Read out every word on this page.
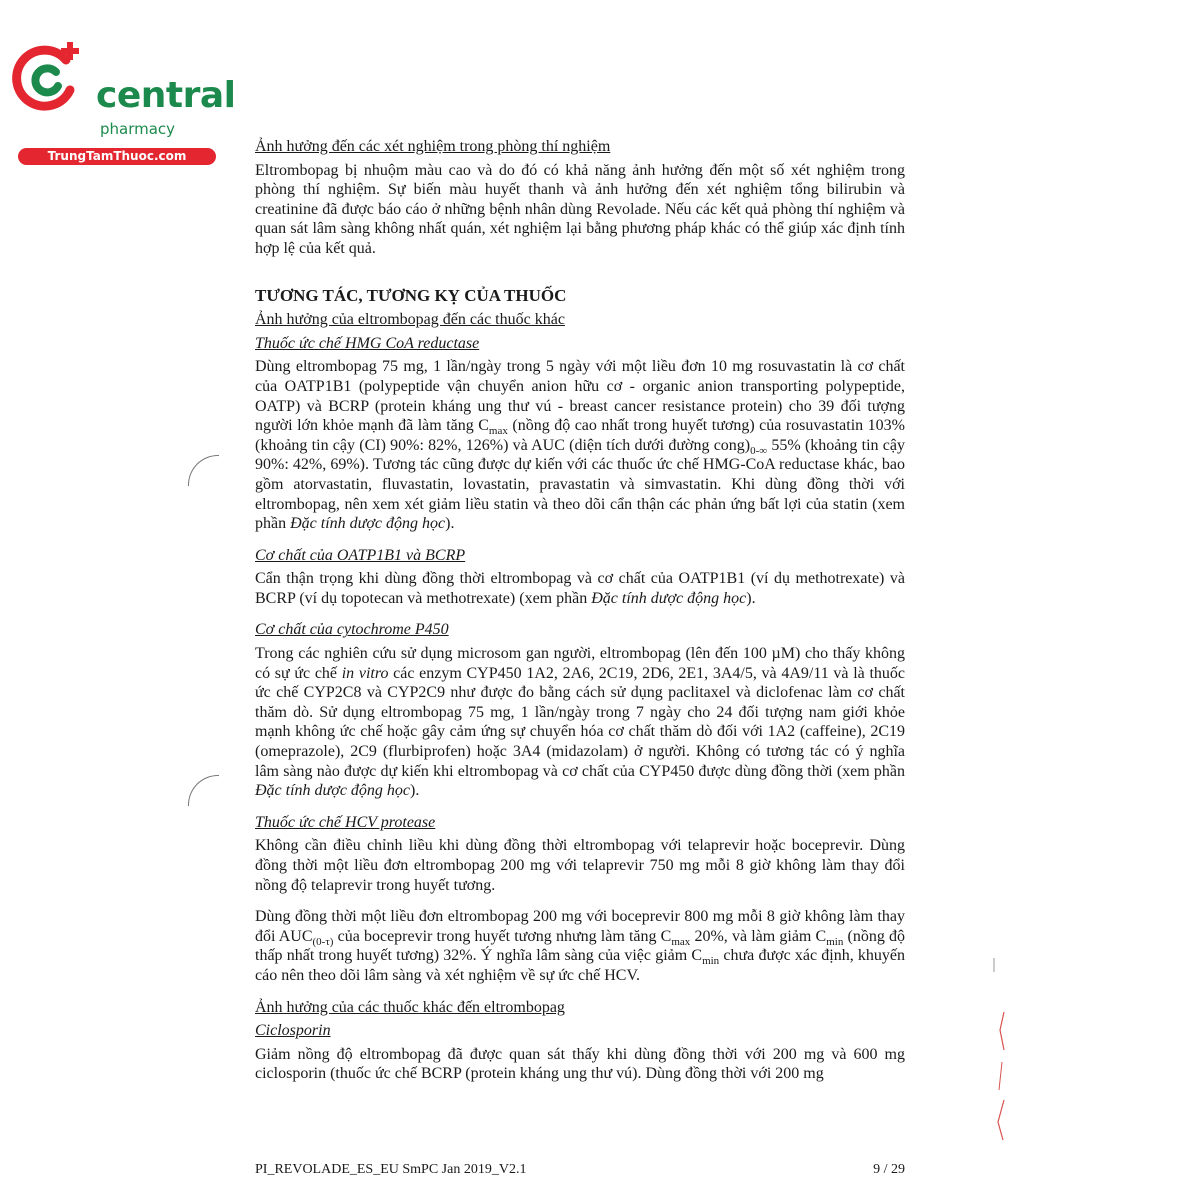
central
pharmacy
TrungTamThuoc.com
Ảnh hưởng đến các xét nghiệm trong phòng thí nghiệm

Eltrombopag bị nhuộm màu cao và do đó có khả năng ảnh hưởng đến một số xét nghiệm trong phòng thí nghiệm. Sự biến màu huyết thanh và ảnh hưởng đến xét nghiệm tổng bilirubin và creatinine đã được báo cáo ở những bệnh nhân dùng Revolade. Nếu các kết quả phòng thí nghiệm và quan sát lâm sàng không nhất quán, xét nghiệm lại bằng phương pháp khác có thể giúp xác định tính hợp lệ của kết quả.

TƯƠNG TÁC, TƯƠNG KỴ CỦA THUỐC
Ảnh hưởng của eltrombopag đến các thuốc khác
Thuốc ức chế HMG CoA reductase

Dùng eltrombopag 75 mg, 1 lần/ngày trong 5 ngày với một liều đơn 10 mg rosuvastatin là cơ chất của OATP1B1 (polypeptide vận chuyển anion hữu cơ - organic anion transporting polypeptide, OATP) và BCRP (protein kháng ung thư vú - breast cancer resistance protein) cho 39 đối tượng người lớn khỏe mạnh đã làm tăng $C_{max}$ (nồng độ cao nhất trong huyết tương) của rosuvastatin 103% (khoảng tin cậy (CI) 90%: 82%, 126%) và AUC (diện tích dưới đường $cong)_{0-\infty}$ 55% (khoảng tin cậy 90%: 42%, 69%). Tương tác cũng được dự kiến với các thuốc ức chế HMG-CoA reductase khác, bao gồm atorvastatin, fluvastatin, lovastatin, pravastatin và simvastatin. Khi dùng đồng thời với eltrombopag, nên xem xét giảm liều statin và theo dõi cẩn thận các phản ứng bất lợi của statin (xem phần Đặc tính dược động học).

Cơ chất của OATP1B1 và BCRP

Cẩn thận trọng khi dùng đồng thời eltrombopag và cơ chất của OATP1B1 (ví dụ methotrexate) và BCRP (ví dụ topotecan và methotrexate) (xem phần Đặc tính dược động học).

Cơ chất của cytochrome P450

Trong các nghiên cứu sử dụng microsom gan người, eltrombopag (lên đến 100 µM) cho thấy không có sự ức chế in vitro các enzym CYP450 1A2, 2A6, 2C19, 2D6, 2E1, 3A4/5, và 4A9/11 và là thuốc ức chế CYP2C8 và CYP2C9 như được đo bằng cách sử dụng paclitaxel và diclofenac làm cơ chất thăm dò. Sử dụng eltrombopag 75 mg, 1 lần/ngày trong 7 ngày cho 24 đối tượng nam giới khỏe mạnh không ức chế hoặc gây cảm ứng sự chuyển hóa cơ chất thăm dò đối với 1A2 (caffeine), 2C19 (omeprazole), 2C9 (flurbiprofen) hoặc 3A4 (midazolam) ở người. Không có tương tác có ý nghĩa lâm sàng nào được dự kiến khi eltrombopag và cơ chất của CYP450 được dùng đồng thời (xem phần Đặc tính dược động học).

Thuốc ức chế HCV protease

Không cần điều chỉnh liều khi dùng đồng thời eltrombopag với telaprevir hoặc boceprevir. Dùng đồng thời một liều đơn eltrombopag 200 mg với telaprevir 750 mg mỗi 8 giờ không làm thay đổi nồng độ telaprevir trong huyết tương.

Dùng đồng thời một liều đơn eltrombopag 200 mg với boceprevir 800 mg mỗi 8 giờ không làm thay đổi $AUC_{(0-\tau)}$ của boceprevir trong huyết tương nhưng làm tăng $C_{max}$ 20%, và làm giảm $C_{min}$ (nồng độ thấp nhất trong huyết tương) 32%. Ý nghĩa lâm sàng của việc giảm $C_{min}$ chưa được xác định, khuyến cáo nên theo dõi lâm sàng và xét nghiệm về sự ức chế HCV.

Ảnh hưởng của các thuốc khác đến eltrombopag
Ciclosporin

Giảm nồng độ eltrombopag đã được quan sát thấy khi dùng đồng thời với 200 mg và 600 mg ciclosporin (thuốc ức chế BCRP (protein kháng ung thư vú). Dùng đồng thời với 200 mg

PI_REVOLADE_ES_EU SmPC Jan 2019_V2.1	9 / 29
